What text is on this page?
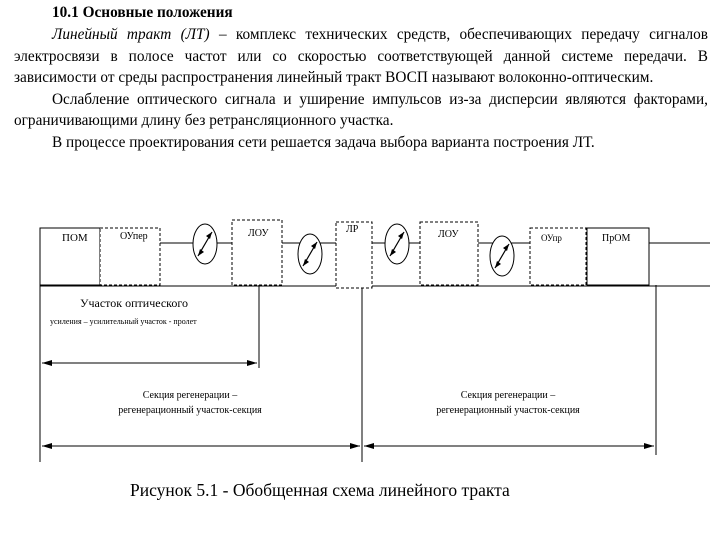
10.1 Основные положения

Линейный тракт (ЛТ) – комплекс технических средств, обеспечивающих передачу сигналов электросвязи в полосе частот или со скоростью соответствующей данной системе передачи. В зависимости от среды распространения линейный тракт ВОСП называют волоконно-оптическим.

Ослабление оптического сигнала и уширение импульсов из-за дисперсии являются факторами, ограничивающими длину без ретрансляционного участка.

В процессе проектирования сети решается задача выбора варианта построения ЛТ.

ПОМ	ОУпер	ЛОУ	ЛР	ЛОУ	ОУпр	ПрОМ
Участок оптического
усиления – усилительный участок - пролет
Секция регенерации –
регенерационный участок-секция
Секция регенерации –
регенерационный участок-секция
Рисунок 5.1 - Обобщенная схема линейного тракта
